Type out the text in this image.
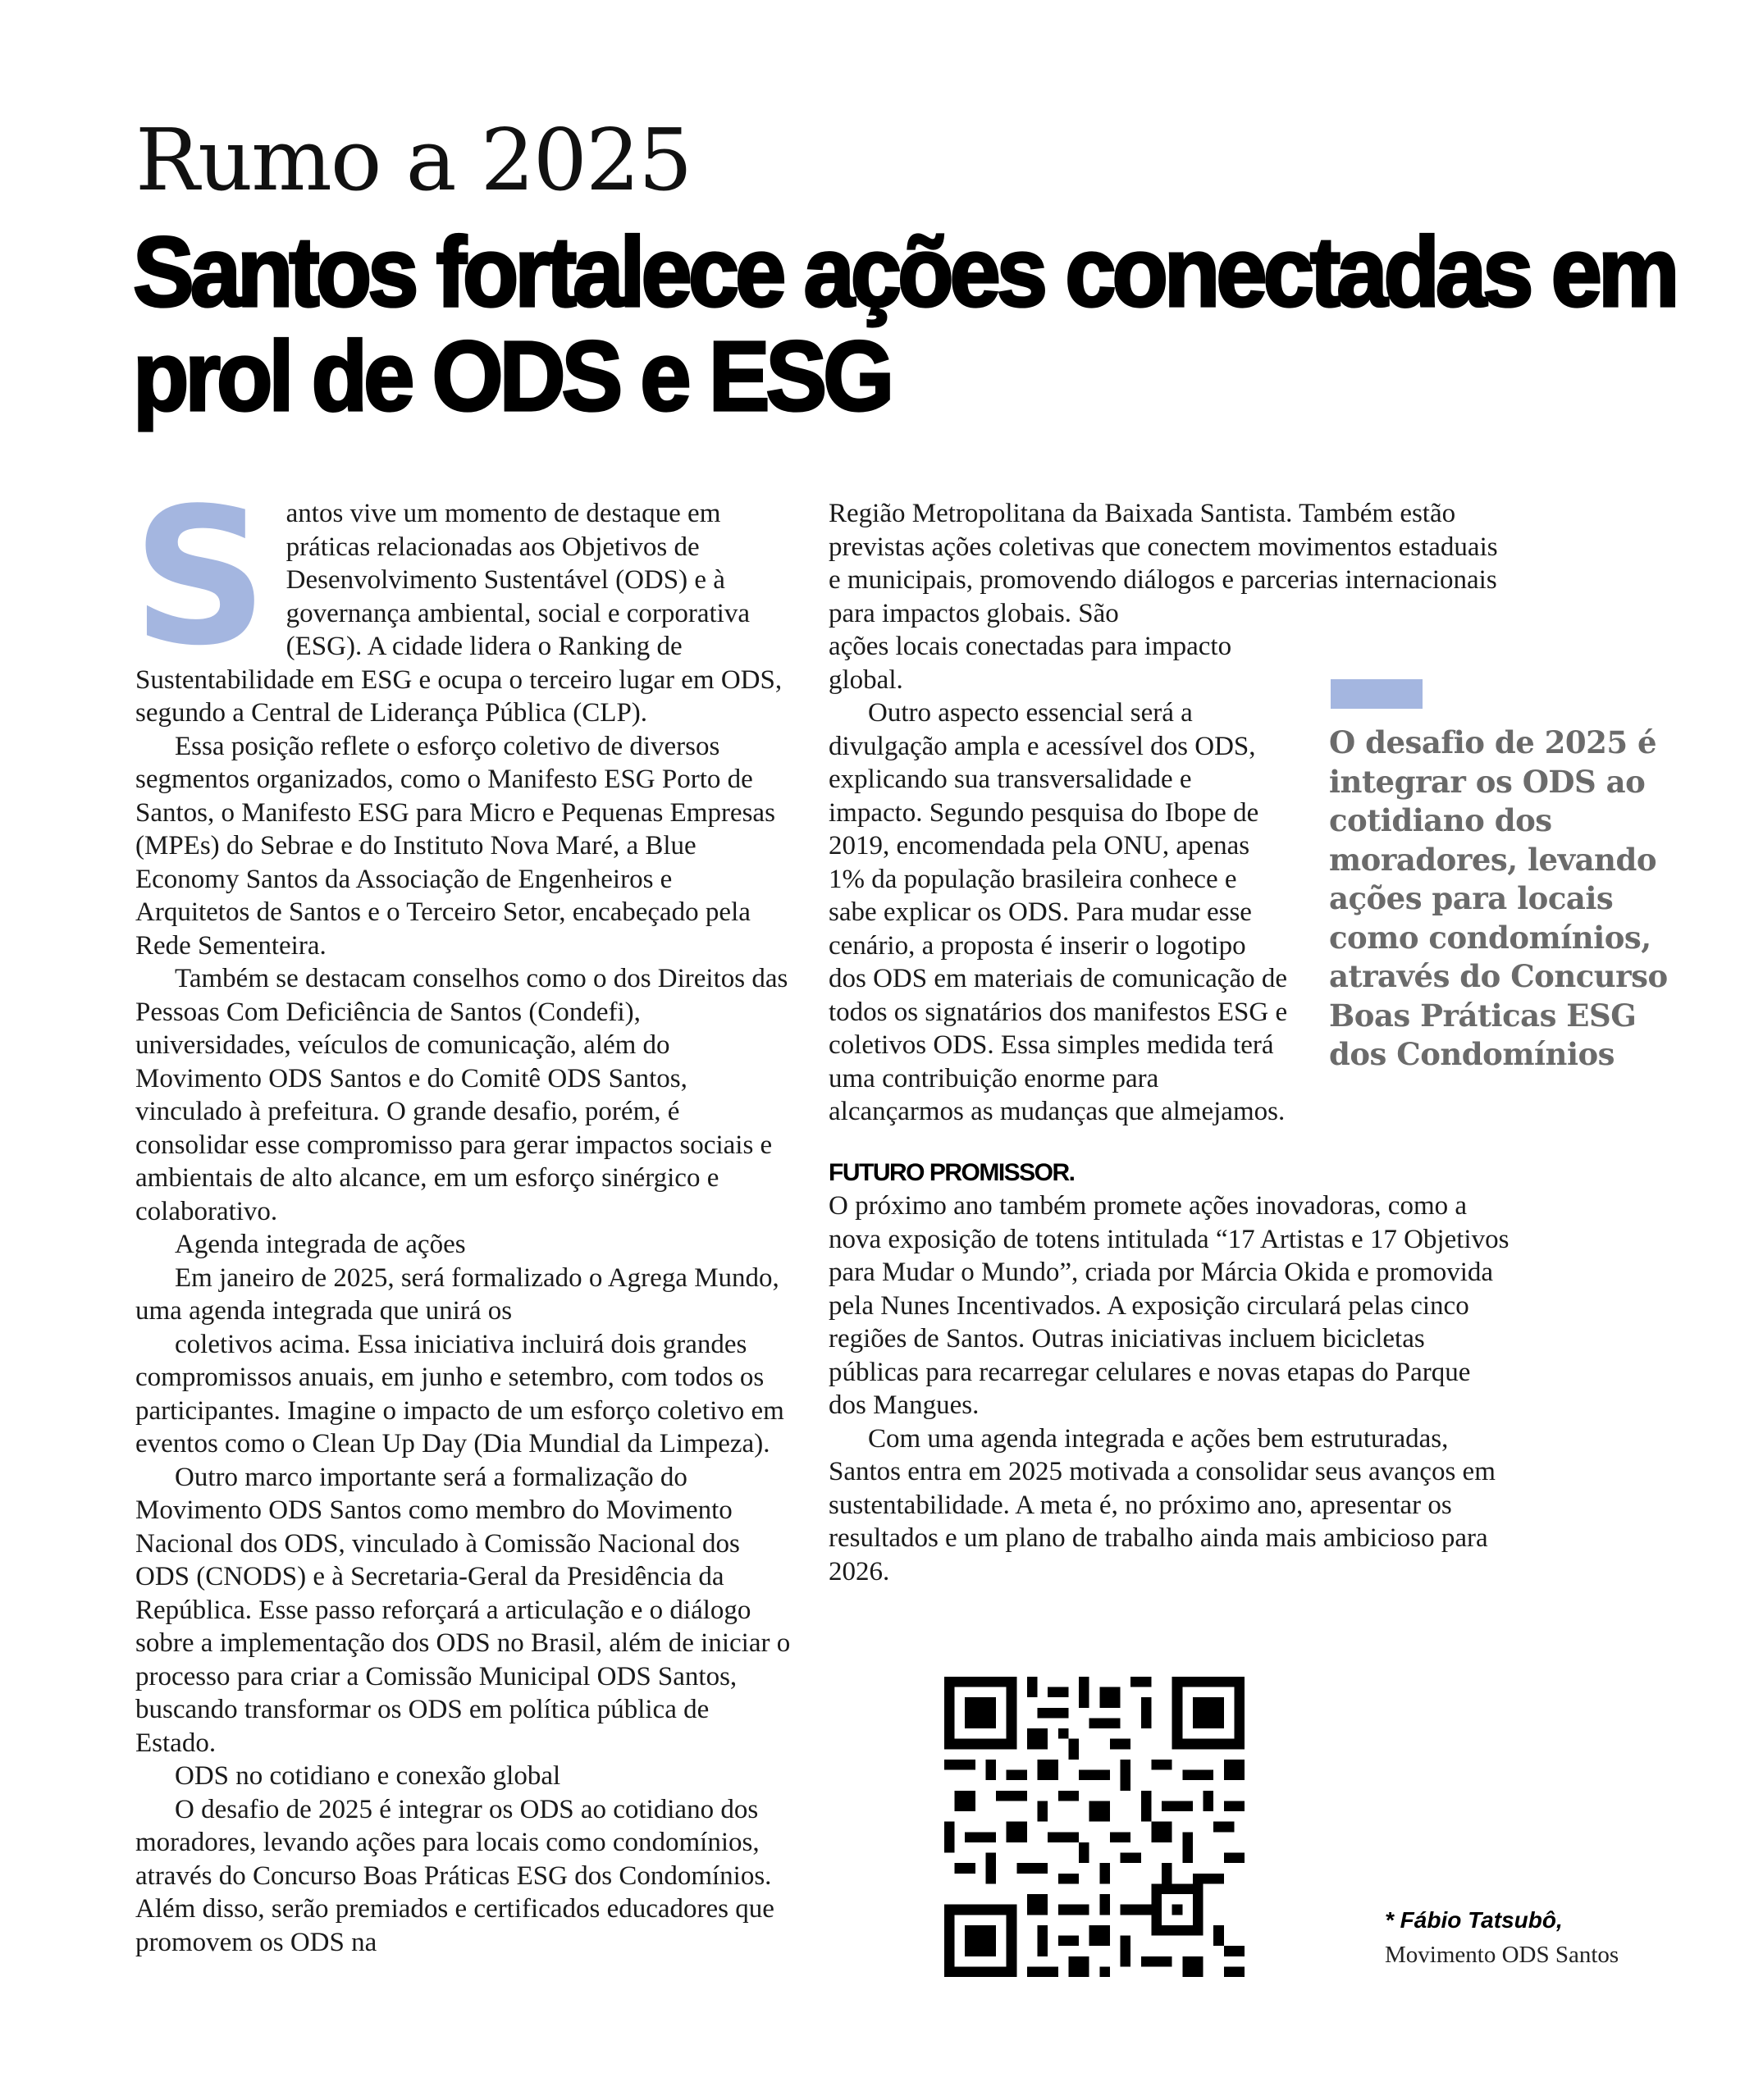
Rumo a 2025
Santos fortalece ações conectadas em prol de ODS e ESG

Santos vive um momento de destaque em práticas relacionadas aos Objetivos de Desenvolvimento Sustentável (ODS) e à governança ambiental, social e corporativa (ESG). A cidade lidera o Ranking de Sustentabilidade em ESG e ocupa o terceiro lugar em ODS, segundo a Central de Liderança Pública (CLP).

Essa posição reflete o esforço coletivo de diversos segmentos organizados, como o Manifesto ESG Porto de Santos, o Manifesto ESG para Micro e Pequenas Empresas (MPEs) do Sebrae e do Instituto Nova Maré, a Blue Economy Santos da Associação de Engenheiros e Arquitetos de Santos e o Terceiro Setor, encabeçado pela Rede Sementeira.

Também se destacam conselhos como o dos Direitos das Pessoas Com Deficiência de Santos (Condefi), universidades, veículos de comunicação, além do Movimento ODS Santos e do Comitê ODS Santos, vinculado à prefeitura. O grande desafio, porém, é consolidar esse compromisso para gerar impactos sociais e ambientais de alto alcance, em um esforço sinérgico e colaborativo.

Agenda integrada de ações

Em janeiro de 2025, será formalizado o Agrega Mundo, uma agenda integrada que unirá os

coletivos acima. Essa iniciativa incluirá dois grandes compromissos anuais, em junho e setembro, com todos os participantes. Imagine o impacto de um esforço coletivo em eventos como o Clean Up Day (Dia Mundial da Limpeza).

Outro marco importante será a formalização do Movimento ODS Santos como membro do Movimento Nacional dos ODS, vinculado à Comissão Nacional dos ODS (CNODS) e à Secretaria-Geral da Presidência da República. Esse passo reforçará a articulação e o diálogo sobre a implementação dos ODS no Brasil, além de iniciar o processo para criar a Comissão Municipal ODS Santos, buscando transformar os ODS em política pública de Estado.

ODS no cotidiano e conexão global

O desafio de 2025 é integrar os ODS ao cotidiano dos moradores, levando ações para locais como condomínios, através do Concurso Boas Práticas ESG dos Condomínios. Além disso, serão premiados e certificados educadores que promovem os ODS na

Região Metropolitana da Baixada Santista. Também estão previstas ações coletivas que conectem movimentos estaduais e municipais, promovendo diálogos e parcerias internacionais para impactos globais. São

ações locais conectadas para impacto global.

Outro aspecto essencial será a divulgação ampla e acessível dos ODS, explicando sua transversalidade e impacto. Segundo pesquisa do Ibope de 2019, encomendada pela ONU, apenas 1% da população brasileira conhece e sabe explicar os ODS. Para mudar esse cenário, a proposta é inserir o logotipo dos ODS em materiais de comunicação de todos os signatários dos manifestos ESG e coletivos ODS. Essa simples medida terá uma contribuição enorme para alcançarmos as mudanças que almejamos.

FUTURO PROMISSOR.

O próximo ano também promete ações inovadoras, como a nova exposição de totens intitulada “17 Artistas e 17 Objetivos para Mudar o Mundo”, criada por Márcia Okida e promovida pela Nunes Incentivados. A exposição circulará pelas cinco regiões de Santos. Outras iniciativas incluem bicicletas públicas para recarregar celulares e novas etapas do Parque dos Mangues.

Com uma agenda integrada e ações bem estruturadas, Santos entra em 2025 motivada a consolidar seus avanços em sustentabilidade. A meta é, no próximo ano, apresentar os resultados e um plano de trabalho ainda mais ambicioso para 2026.

O desafio de 2025 é integrar os ODS ao cotidiano dos moradores, levando ações para locais como condomínios, através do Concurso Boas Práticas ESG dos Condomínios
* Fábio Tatsubô,
Movimento ODS Santos
